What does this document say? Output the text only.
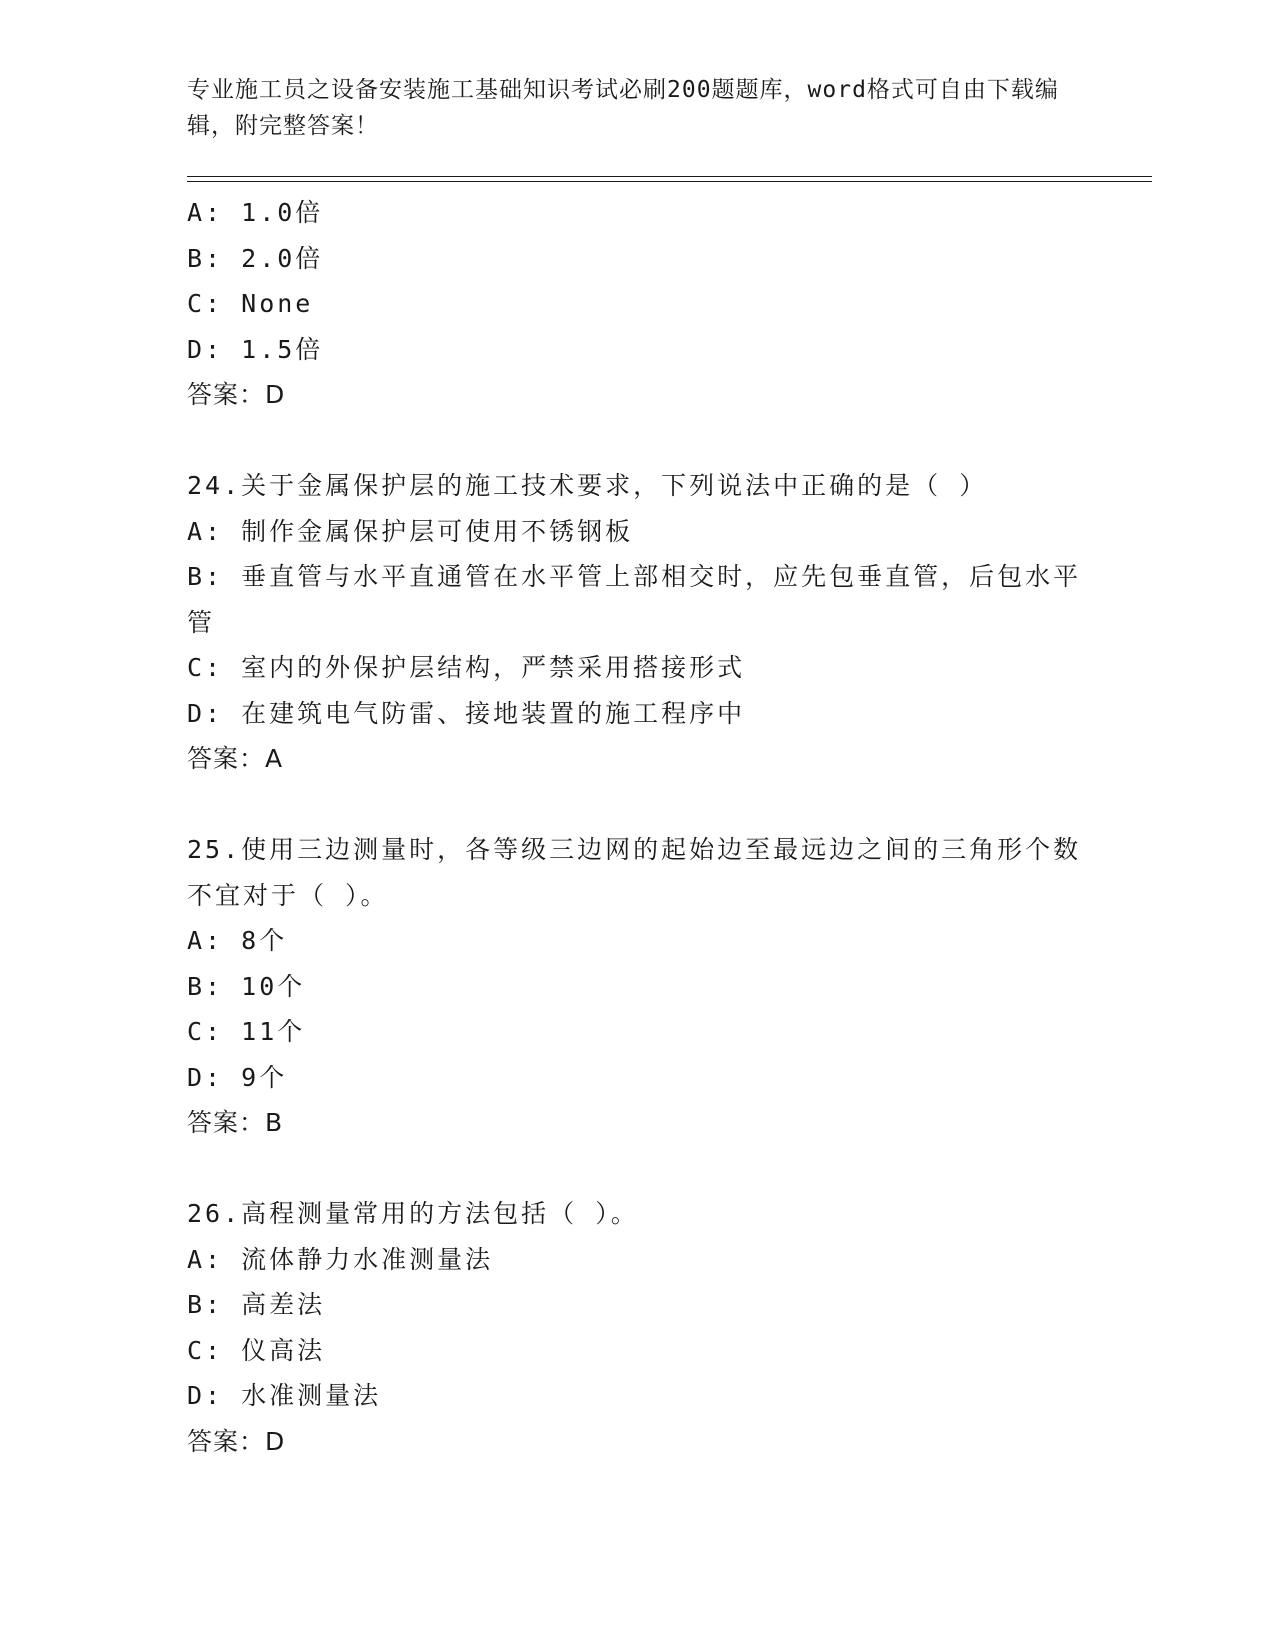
专业施工员之设备安装施工基础知识考试必刷200题题库，word格式可自由下载编辑，附完整答案！
A: 1.0倍
B: 2.0倍
C: None
D: 1.5倍
答案：D
24.关于金属保护层的施工技术要求，下列说法中正确的是（ ）
A: 制作金属保护层可使用不锈钢板
B: 垂直管与水平直通管在水平管上部相交时，应先包垂直管，后包水平管
C: 室内的外保护层结构，严禁采用搭接形式
D: 在建筑电气防雷、接地装置的施工程序中
答案：A
25.使用三边测量时，各等级三边网的起始边至最远边之间的三角形个数不宜对于（ ）。
A: 8个
B: 10个
C: 11个
D: 9个
答案：B
26.高程测量常用的方法包括（ ）。
A: 流体静力水准测量法
B: 高差法
C: 仪高法
D: 水准测量法
答案：D
